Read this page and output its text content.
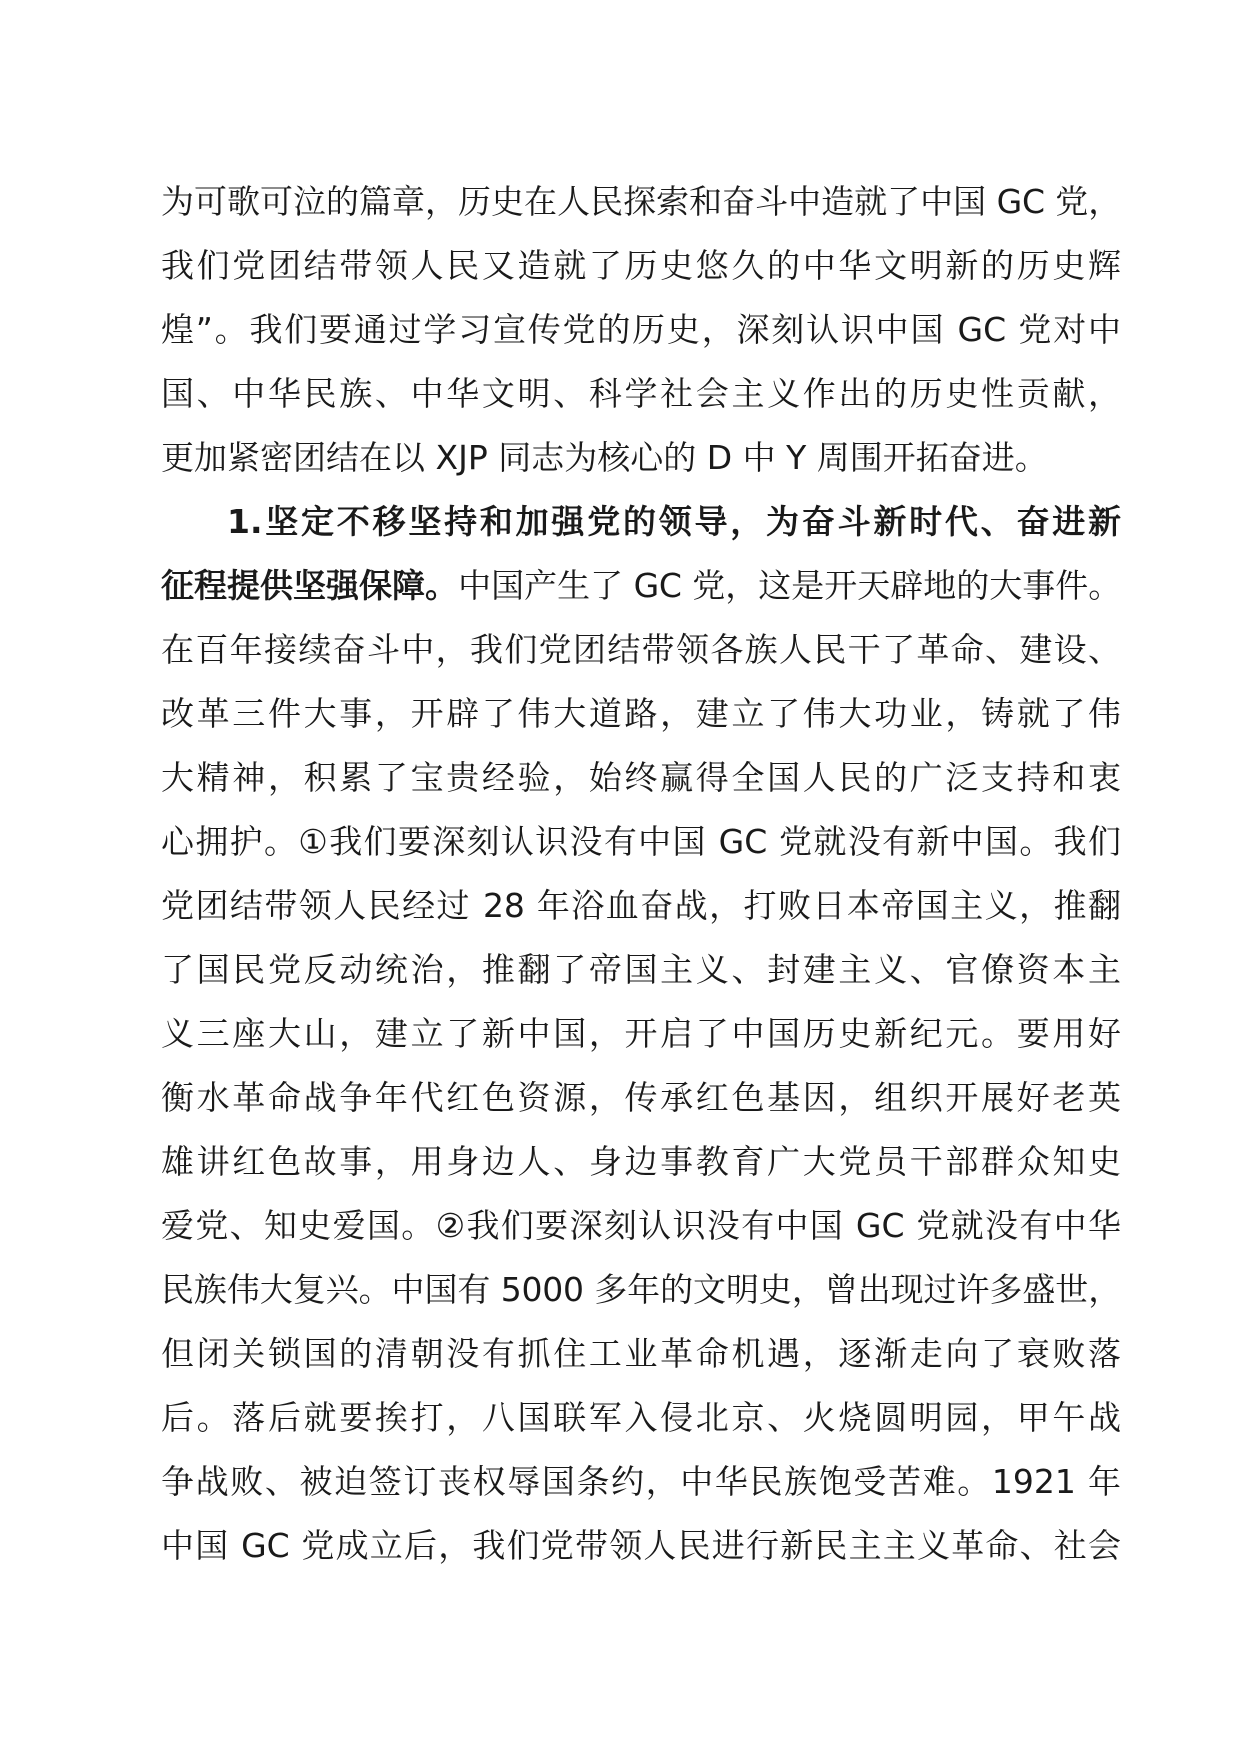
为可歌可泣的篇章，历史在人民探索和奋斗中造就了中国 GC 党，
我们党团结带领人民又造就了历史悠久的中华文明新的历史辉
煌”。我们要通过学习宣传党的历史，深刻认识中国 GC 党对中
国、中华民族、中华文明、科学社会主义作出的历史性贡献，
更加紧密团结在以 XJP 同志为核心的 D 中 Y 周围开拓奋进。
1.坚定不移坚持和加强党的领导，为奋斗新时代、奋进新
征程提供坚强保障。中国产生了 GC 党，这是开天辟地的大事件。
在百年接续奋斗中，我们党团结带领各族人民干了革命、建设、
改革三件大事，开辟了伟大道路，建立了伟大功业，铸就了伟
大精神，积累了宝贵经验，始终赢得全国人民的广泛支持和衷
心拥护。①我们要深刻认识没有中国 GC 党就没有新中国。我们
党团结带领人民经过 28 年浴血奋战，打败日本帝国主义，推翻
了国民党反动统治，推翻了帝国主义、封建主义、官僚资本主
义三座大山，建立了新中国，开启了中国历史新纪元。要用好
衡水革命战争年代红色资源，传承红色基因，组织开展好老英
雄讲红色故事，用身边人、身边事教育广大党员干部群众知史
爱党、知史爱国。②我们要深刻认识没有中国 GC 党就没有中华
民族伟大复兴。中国有 5000 多年的文明史，曾出现过许多盛世，
但闭关锁国的清朝没有抓住工业革命机遇，逐渐走向了衰败落
后。落后就要挨打，八国联军入侵北京、火烧圆明园，甲午战
争战败、被迫签订丧权辱国条约，中华民族饱受苦难。1921 年
中国 GC 党成立后，我们党带领人民进行新民主主义革命、社会
